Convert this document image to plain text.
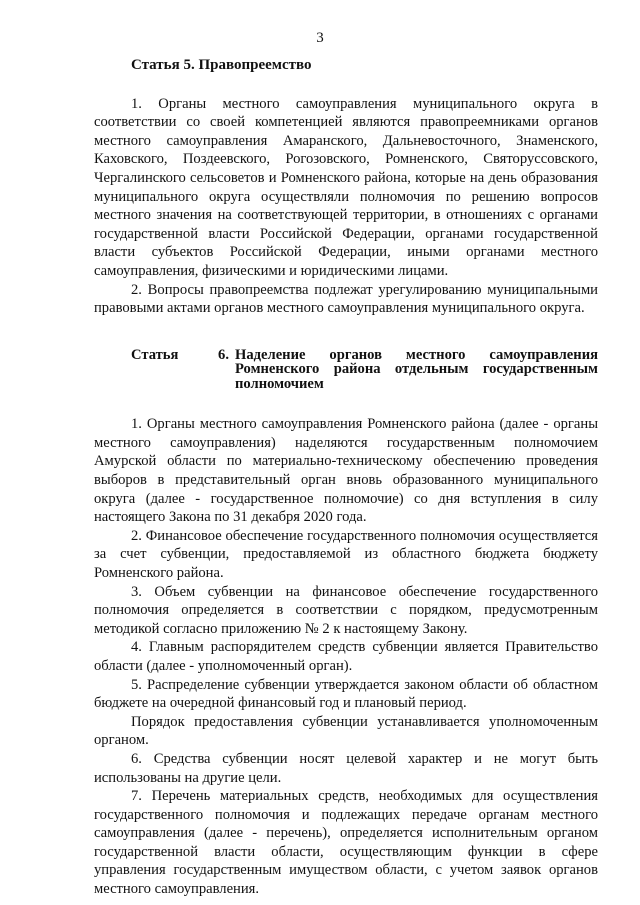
3
Статья 5. Правопреемство

1. Органы местного самоуправления муниципального округа в соответствии со своей компетенцией являются правопреемниками органов местного самоуправления Амаранского, Дальневосточного, Знаменского, Каховского, Поздеевского, Рогозовского, Ромненского, Святорусcовского, Чергалинского сельсоветов и Ромненского района, которые на день образования муниципального округа осуществляли полномочия по решению вопросов местного значения на соответствующей территории, в отношениях с органами государственной власти Российской Федерации, органами государственной власти субъектов Российской Федерации, иными органами местного самоуправления, физическими и юридическими лицами.

2. Вопросы правопреемства подлежат урегулированию муниципальными правовыми актами органов местного самоуправления муниципального округа.

Статья	6. Наделение органов местного самоуправления Ромненского района отдельным государственным полномочием

1. Органы местного самоуправления Ромненского района (далее - органы местного самоуправления) наделяются государственным полномочием Амурской области по материально-техническому обеспечению проведения выборов в представительный орган вновь образованного муниципального округа (далее - государственное полномочие) со дня вступления в силу настоящего Закона по 31 декабря 2020 года.

2. Финансовое обеспечение государственного полномочия осуществляется за счет субвенции, предоставляемой из областного бюджета бюджету Ромненского района.

3. Объем субвенции на финансовое обеспечение государственного полномочия определяется в соответствии с порядком, предусмотренным методикой согласно приложению № 2 к настоящему Закону.

4. Главным распорядителем средств субвенции является Правительство области (далее - уполномоченный орган).

5. Распределение субвенции утверждается законом области об областном бюджете на очередной финансовый год и плановый период.

Порядок предоставления субвенции устанавливается уполномоченным органом.

6. Средства субвенции носят целевой характер и не могут быть использованы на другие цели.

7. Перечень материальных средств, необходимых для осуществления государственного полномочия и подлежащих передаче органам местного самоуправления (далее - перечень), определяется исполнительным органом государственной власти области, осуществляющим функции в сфере управления государственным имуществом области, с учетом заявок органов местного самоуправления.
